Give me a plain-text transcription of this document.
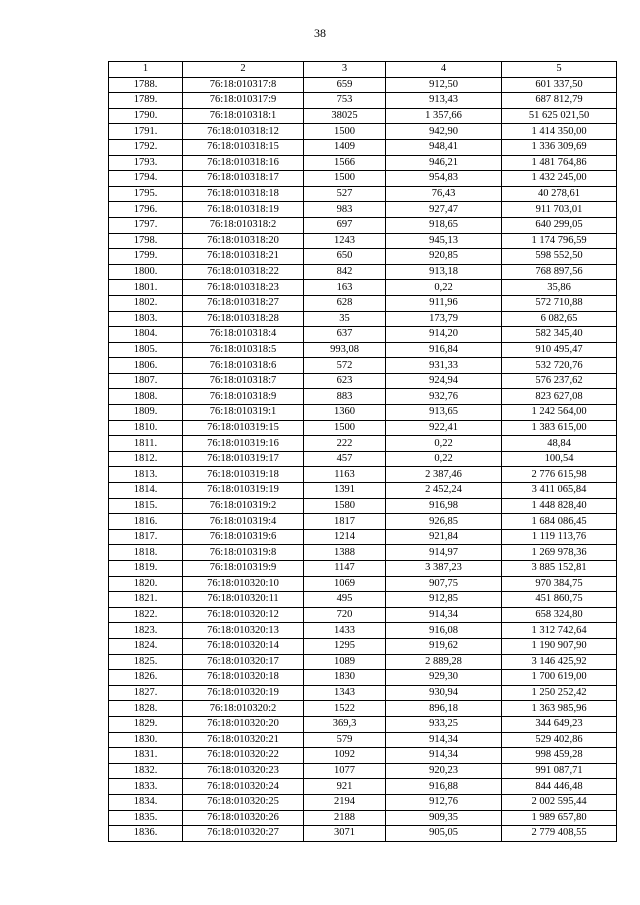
38
1	2	3	4	5
1788.	76:18:010317:8	659	912,50	601 337,50
1789.	76:18:010317:9	753	913,43	687 812,79
1790.	76:18:010318:1	38025	1 357,66	51 625 021,50
1791.	76:18:010318:12	1500	942,90	1 414 350,00
1792.	76:18:010318:15	1409	948,41	1 336 309,69
1793.	76:18:010318:16	1566	946,21	1 481 764,86
1794.	76:18:010318:17	1500	954,83	1 432 245,00
1795.	76:18:010318:18	527	76,43	40 278,61
1796.	76:18:010318:19	983	927,47	911 703,01
1797.	76:18:010318:2	697	918,65	640 299,05
1798.	76:18:010318:20	1243	945,13	1 174 796,59
1799.	76:18:010318:21	650	920,85	598 552,50
1800.	76:18:010318:22	842	913,18	768 897,56
1801.	76:18:010318:23	163	0,22	35,86
1802.	76:18:010318:27	628	911,96	572 710,88
1803.	76:18:010318:28	35	173,79	6 082,65
1804.	76:18:010318:4	637	914,20	582 345,40
1805.	76:18:010318:5	993,08	916,84	910 495,47
1806.	76:18:010318:6	572	931,33	532 720,76
1807.	76:18:010318:7	623	924,94	576 237,62
1808.	76:18:010318:9	883	932,76	823 627,08
1809.	76:18:010319:1	1360	913,65	1 242 564,00
1810.	76:18:010319:15	1500	922,41	1 383 615,00
1811.	76:18:010319:16	222	0,22	48,84
1812.	76:18:010319:17	457	0,22	100,54
1813.	76:18:010319:18	1163	2 387,46	2 776 615,98
1814.	76:18:010319:19	1391	2 452,24	3 411 065,84
1815.	76:18:010319:2	1580	916,98	1 448 828,40
1816.	76:18:010319:4	1817	926,85	1 684 086,45
1817.	76:18:010319:6	1214	921,84	1 119 113,76
1818.	76:18:010319:8	1388	914,97	1 269 978,36
1819.	76:18:010319:9	1147	3 387,23	3 885 152,81
1820.	76:18:010320:10	1069	907,75	970 384,75
1821.	76:18:010320:11	495	912,85	451 860,75
1822.	76:18:010320:12	720	914,34	658 324,80
1823.	76:18:010320:13	1433	916,08	1 312 742,64
1824.	76:18:010320:14	1295	919,62	1 190 907,90
1825.	76:18:010320:17	1089	2 889,28	3 146 425,92
1826.	76:18:010320:18	1830	929,30	1 700 619,00
1827.	76:18:010320:19	1343	930,94	1 250 252,42
1828.	76:18:010320:2	1522	896,18	1 363 985,96
1829.	76:18:010320:20	369,3	933,25	344 649,23
1830.	76:18:010320:21	579	914,34	529 402,86
1831.	76:18:010320:22	1092	914,34	998 459,28
1832.	76:18:010320:23	1077	920,23	991 087,71
1833.	76:18:010320:24	921	916,88	844 446,48
1834.	76:18:010320:25	2194	912,76	2 002 595,44
1835.	76:18:010320:26	2188	909,35	1 989 657,80
1836.	76:18:010320:27	3071	905,05	2 779 408,55
